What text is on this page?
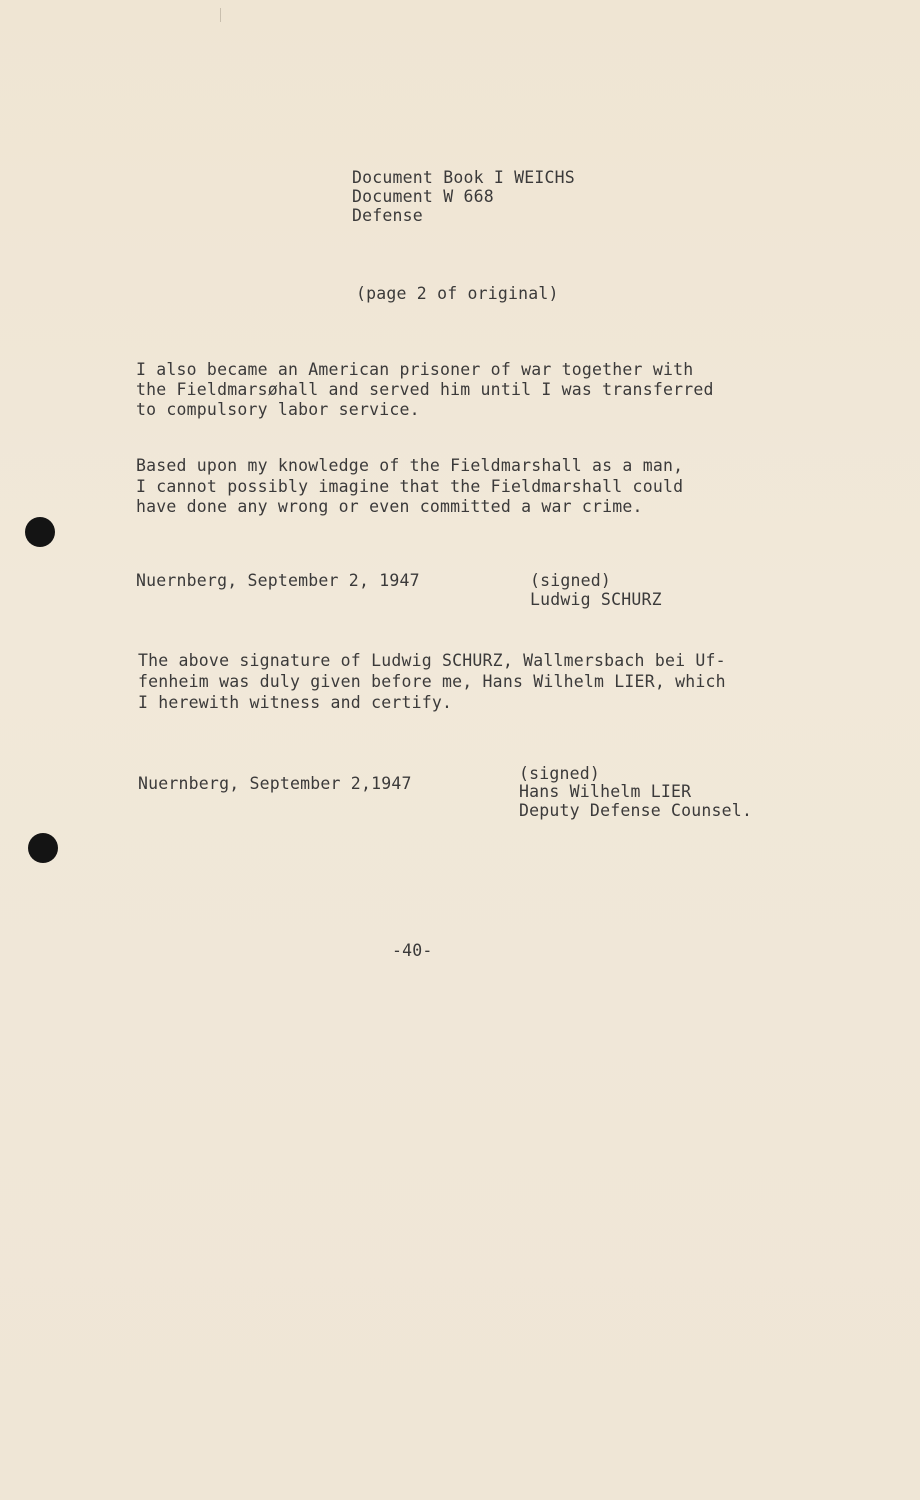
Document Book I WEICHS
Document W 668
Defense
(page 2 of original)
I also became an American prisoner of war together with
the Fieldmarsøhall and served him until I was transferred
to compulsory labor service.
Based upon my knowledge of the Fieldmarshall as a man,
I cannot possibly imagine that the Fieldmarshall could
have done any wrong or even committed a war crime.
Nuernberg, September 2, 1947	(signed)
Ludwig SCHURZ
The above signature of Ludwig SCHURZ, Wallmersbach bei Uf-
fenheim was duly given before me, Hans Wilhelm LIER, which
I herewith witness and certify.
Nuernberg, September 2,1947
(signed)
Hans Wilhelm LIER
Deputy Defense Counsel.
-40-
